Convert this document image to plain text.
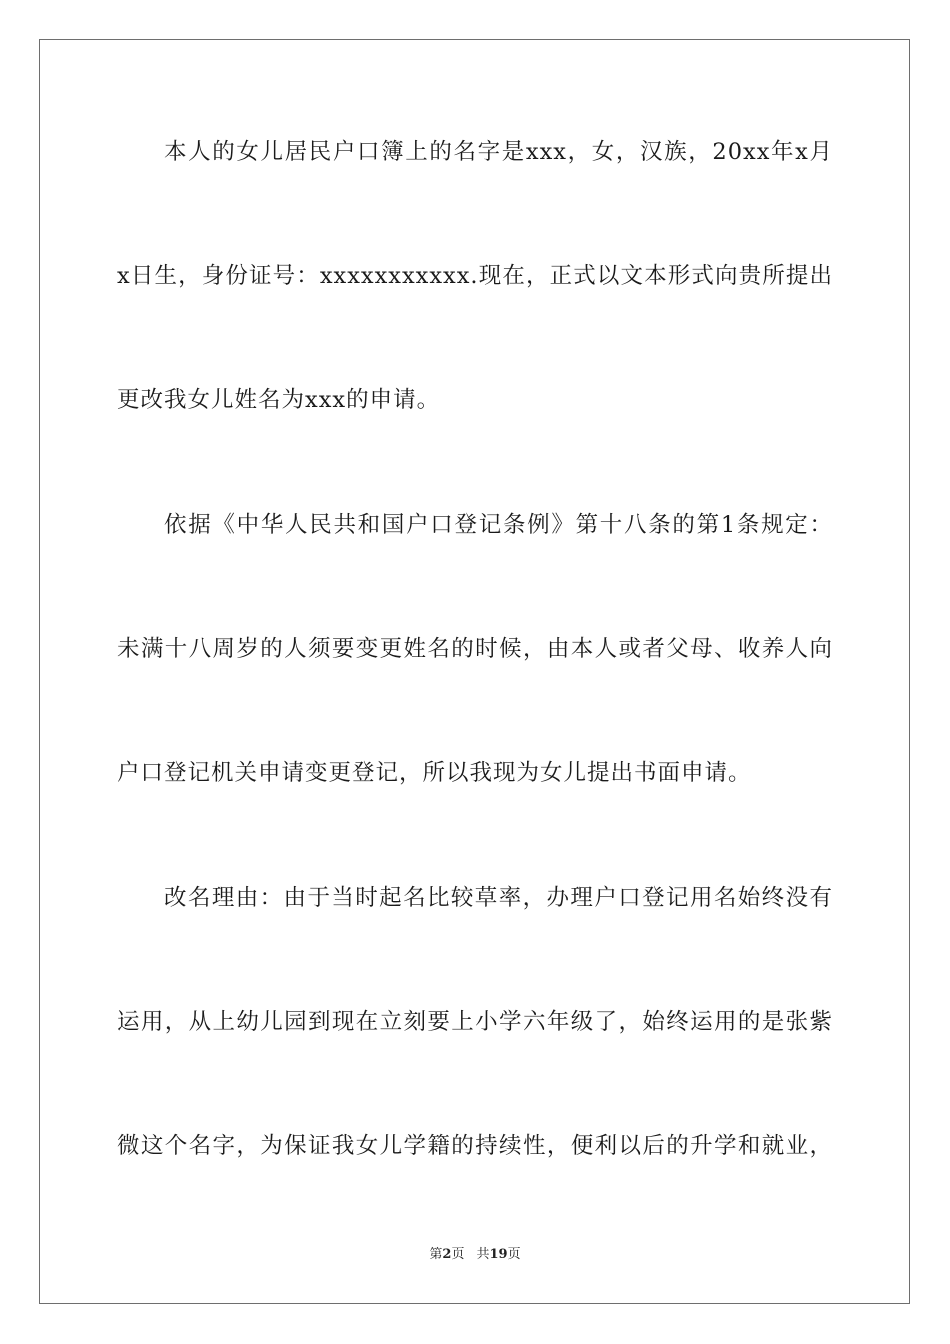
本人的女儿居民户口簿上的名字是xxx，女，汉族，20xx年x月
x日生，身份证号：xxxxxxxxxxx.现在，正式以文本形式向贵所提出
更改我女儿姓名为xxx的申请。
依据《中华人民共和国户口登记条例》第十八条的第1条规定：
未满十八周岁的人须要变更姓名的时候，由本人或者父母、收养人向
户口登记机关申请变更登记，所以我现为女儿提出书面申请。
改名理由：由于当时起名比较草率，办理户口登记用名始终没有
运用，从上幼儿园到现在立刻要上小学六年级了，始终运用的是张紫
微这个名字，为保证我女儿学籍的持续性，便利以后的升学和就业，
第2页 共19页
